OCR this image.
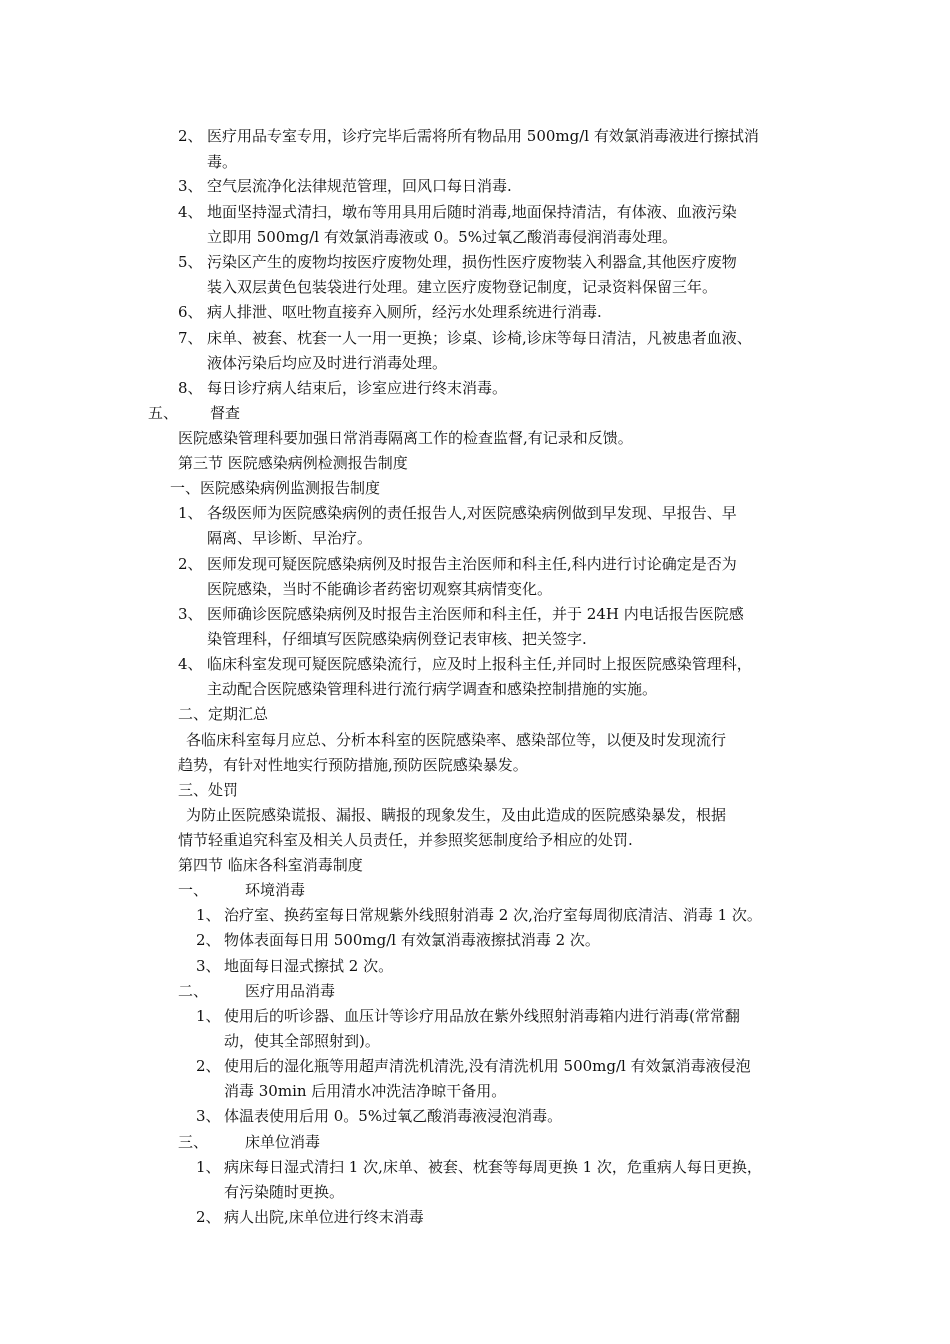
2、 医疗用品专室专用，诊疗完毕后需将所有物品用 500mg/l 有效氯消毒液进行擦拭消
毒。
3、 空气层流净化法律规范管理，回风口每日消毒.
4、 地面坚持湿式清扫，墩布等用具用后随时消毒,地面保持清洁，有体液、血液污染
立即用 500mg/l 有效氯消毒液或 0。5%过氧乙酸消毒侵润消毒处理。
5、 污染区产生的废物均按医疗废物处理，损伤性医疗废物装入利器盒,其他医疗废物
装入双层黄色包装袋进行处理。建立医疗废物登记制度，记录资料保留三年。
6、 病人排泄、呕吐物直接弃入厕所，经污水处理系统进行消毒.
7、 床单、被套、枕套一人一用一更换；诊桌、诊椅,诊床等每日清洁，凡被患者血液、
液体污染后均应及时进行消毒处理。
8、 每日诊疗病人结束后，诊室应进行终末消毒。
五、 督查
医院感染管理科要加强日常消毒隔离工作的检查监督,有记录和反馈。
第三节 医院感染病例检测报告制度
一、医院感染病例监测报告制度
1、 各级医师为医院感染病例的责任报告人,对医院感染病例做到早发现、早报告、早
隔离、早诊断、早治疗。
2、 医师发现可疑医院感染病例及时报告主治医师和科主任,科内进行讨论确定是否为
医院感染，当时不能确诊者药密切观察其病情变化。
3、 医师确诊医院感染病例及时报告主治医师和科主任，并于 24H 内电话报告医院感
染管理科，仔细填写医院感染病例登记表审核、把关签字.
4、 临床科室发现可疑医院感染流行，应及时上报科主任,并同时上报医院感染管理科，
主动配合医院感染管理科进行流行病学调查和感染控制措施的实施。
二、定期汇总
各临床科室每月应总、分析本科室的医院感染率、感染部位等，以便及时发现流行
趋势，有针对性地实行预防措施,预防医院感染暴发。
三、处罚
为防止医院感染谎报、漏报、瞒报的现象发生，及由此造成的医院感染暴发，根据
情节轻重追究科室及相关人员责任，并参照奖惩制度给予相应的处罚.
第四节 临床各科室消毒制度
一、 环境消毒
1、 治疗室、换药室每日常规紫外线照射消毒 2 次,治疗室每周彻底清洁、消毒 1 次。
2、 物体表面每日用 500mg/l 有效氯消毒液擦拭消毒 2 次。
3、 地面每日湿式擦拭 2 次。
二、 医疗用品消毒
1、 使用后的听诊器、血压计等诊疗用品放在紫外线照射消毒箱内进行消毒(常常翻
动，使其全部照射到)。
2、 使用后的湿化瓶等用超声清洗机清洗,没有清洗机用 500mg/l 有效氯消毒液侵泡
消毒 30min 后用清水冲洗洁净晾干备用。
3、 体温表使用后用 0。5%过氧乙酸消毒液浸泡消毒。
三、 床单位消毒
1、 病床每日湿式清扫 1 次,床单、被套、枕套等每周更换 1 次，危重病人每日更换，
有污染随时更换。
2、 病人出院,床单位进行终末消毒
